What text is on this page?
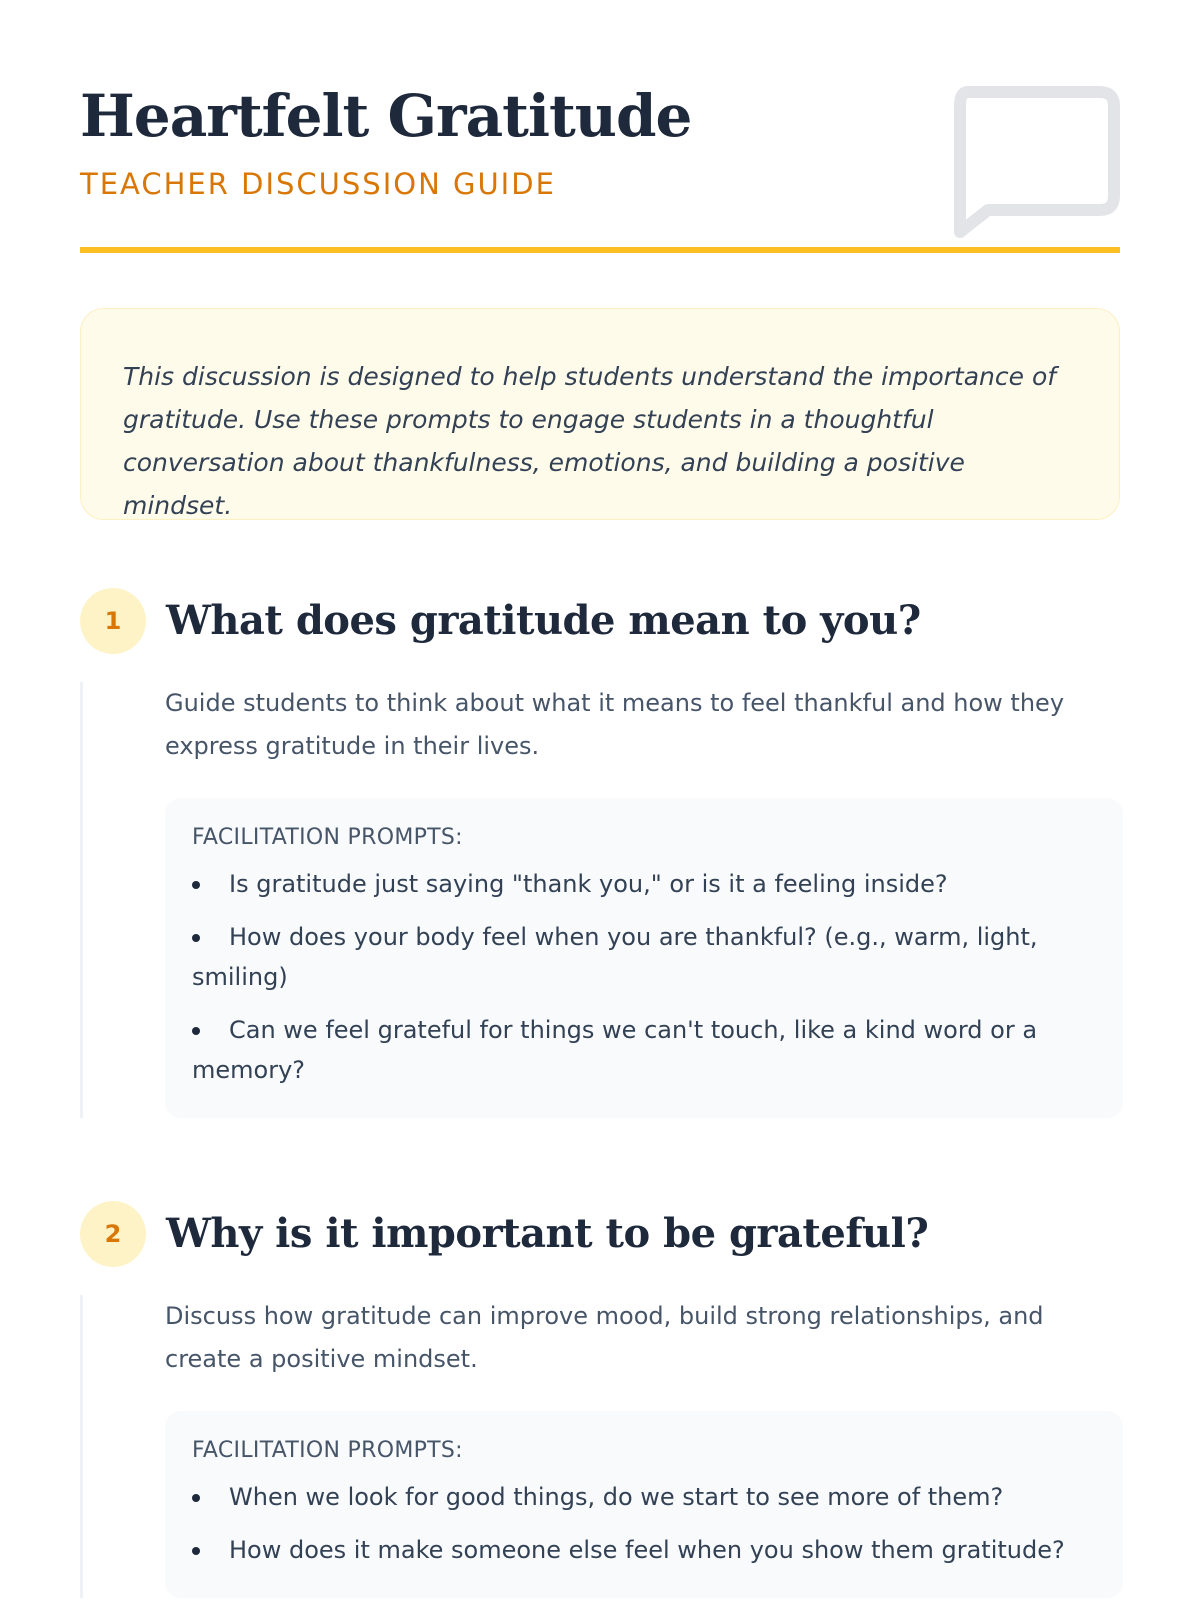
Heartfelt Gratitude
TEACHER DISCUSSION GUIDE

This discussion is designed to help students understand the importance of gratitude. Use these prompts to engage students in a thoughtful conversation about thankfulness, emotions, and building a positive mindset.

1	What does gratitude mean to you?

Guide students to think about what it means to feel thankful and how they express gratitude in their lives.

FACILITATION PROMPTS:
Is gratitude just saying "thank you," or is it a feeling inside?
How does your body feel when you are thankful? (e.g., warm, light, smiling)
Can we feel grateful for things we can't touch, like a kind word or a memory?
2	Why is it important to be grateful?

Discuss how gratitude can improve mood, build strong relationships, and create a positive mindset.

FACILITATION PROMPTS:
When we look for good things, do we start to see more of them?
How does it make someone else feel when you show them gratitude?
